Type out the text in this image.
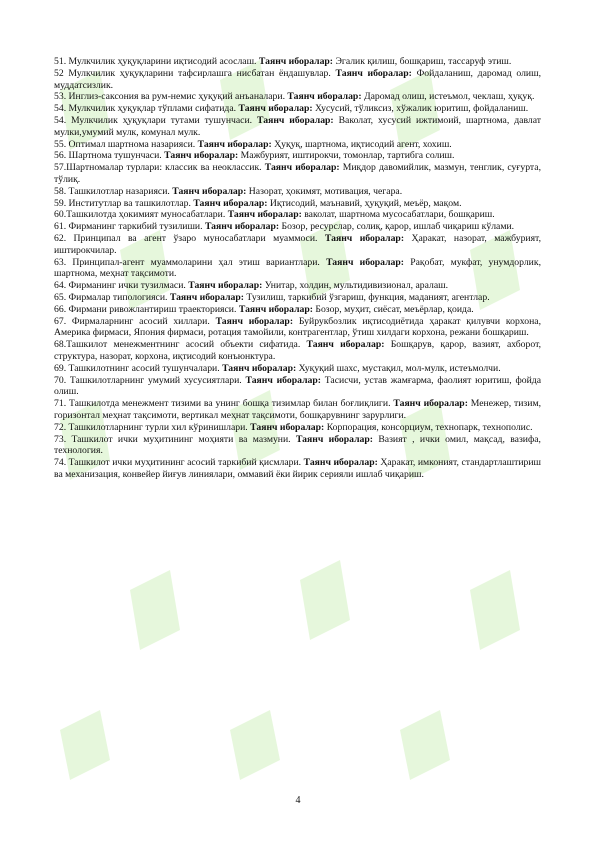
51. Мулкчилик ҳуқуқларини иқтисодий асослаш. Таянч иборалар: Эгалик қилиш, бошқариш, тассаруф этиш.

52 Мулкчилик ҳуқуқларини тафсирлашга нисбатан ёндашувлар. Таянч иборалар: Фойдаланиш, даромад олиш, муддатсизлик.

53. Инглиз-саксония ва рум-немис ҳуқуқий анъаналари. Таянч иборалар: Даромад олиш, истеъмол, чеклаш, ҳуқуқ.

54. Мулкчилик ҳуқуқлар тўплами сифатида. Таянч иборалар: Хусусий, тўликсиз, хўжалик юритиш, фойдаланиш.

54. Мулкчилик ҳуқуқлари тутами тушунчаси. Таянч иборалар: Ваколат, хусусий ижтимоий, шартнома, давлат мулки,умумий мулк, комунал мулк.

55. Оптимал шартнома назарияси. Таянч иборалар: Ҳуқуқ, шартнома, иқтисодий агент, хохиш.

56. Шартнома тушунчаси. Таянч иборалар: Мажбурият, иштирокчи, томонлар, тартибга солиш.

57.Шартномалар турлари: классик ва неоклассик. Таянч иборалар: Миқдор давомийлик, мазмун, тенглик, суғурта, тўлиқ.

58. Ташкилотлар назарияси. Таянч иборалар: Назорат, ҳокимят, мотивация, чегара.

59. Институтлар ва ташкилотлар. Таянч иборалар: Иқтисодий, маънавий, ҳуқуқий, меъёр, мақом.

60.Ташкилотда ҳокимият муносабатлари. Таянч иборалар: ваколат, шартнома мусосабатлари, бошқариш.

61. Фирманинг таркибий тузилиши. Таянч иборалар: Бозор, ресурслар, солиқ, қарор, ишлаб чиқариш кўлами.

62. Принципал ва агент ўзаро муносабатлари муаммоси. Таянч иборалар: Ҳаракат, назорат, мажбурият, иштирокчилар.

63. Принципал-агент муаммоларини ҳал этиш вариантлари. Таянч иборалар: Рақобат, мукфат, унумдорлик, шартнома, меҳнат тақсимоти.

64. Фирманинг ички тузилмаси. Таянч иборалар: Унитар, холдин, мультидивизионал, аралаш.

65. Фирмалар типологияси. Таянч иборалар: Тузилиш, таркибий ўзгариш, функция, маданият, агентлар.

66. Фирмани ривожлантириш траекторияси. Таянч иборалар: Бозор, муҳит, сиёсат, меъёрлар, қоида.

67. Фирмаларнинг асосий хиллари. Таянч иборалар: Буйрукбозлик иқтисодиётида ҳаракат қилувчи корхона, Америка фирмаси, Япония фирмаси, ротация тамойили, контрагентлар, ўтиш хилдаги корхона, режани бошқариш.

68.Ташкилот менежментнинг асосий объекти сифатида. Таянч иборалар: Бошқарув, қарор, вазият, ахборот, структура, назорат, корхона, иқтисодий конъюнктура.

69. Ташкилотнинг асосий тушунчалари. Таянч иборалар: Хуқуқий шахс, мустақил, мол-мулк, истеъмолчи.

70. Ташкилотларнинг умумий хусусиятлари. Таянч иборалар: Тасисчи, устав жамғарма, фаолият юритиш, фойда олиш.

71. Ташкилотда менежмент тизими ва унинг бошқа тизимлар билан боғлиқлиги. Таянч иборалар: Менежер, тизим, горизонтал меҳнат тақсимоти, вертикал меҳнат тақсимоти, бошқарувнинг зарурлиги.

72. Ташкилотларнинг турли хил кўринишлари. Таянч иборалар: Корпорация, консорциум, технопарк, технополис.

73. Ташкилот ички муҳитининг моҳияти ва мазмуни. Таянч иборалар: Вазият , ички омил, мақсад, вазифа, технология.

74. Ташкилот ички муҳитининг асосий таркибий қисмлари. Таянч иборалар: Ҳаракат, имконият, стандартлаштириш ва механизация, конвейер йиғув линиялари, оммавий ёки йирик серияли ишлаб чиқариш.

4
